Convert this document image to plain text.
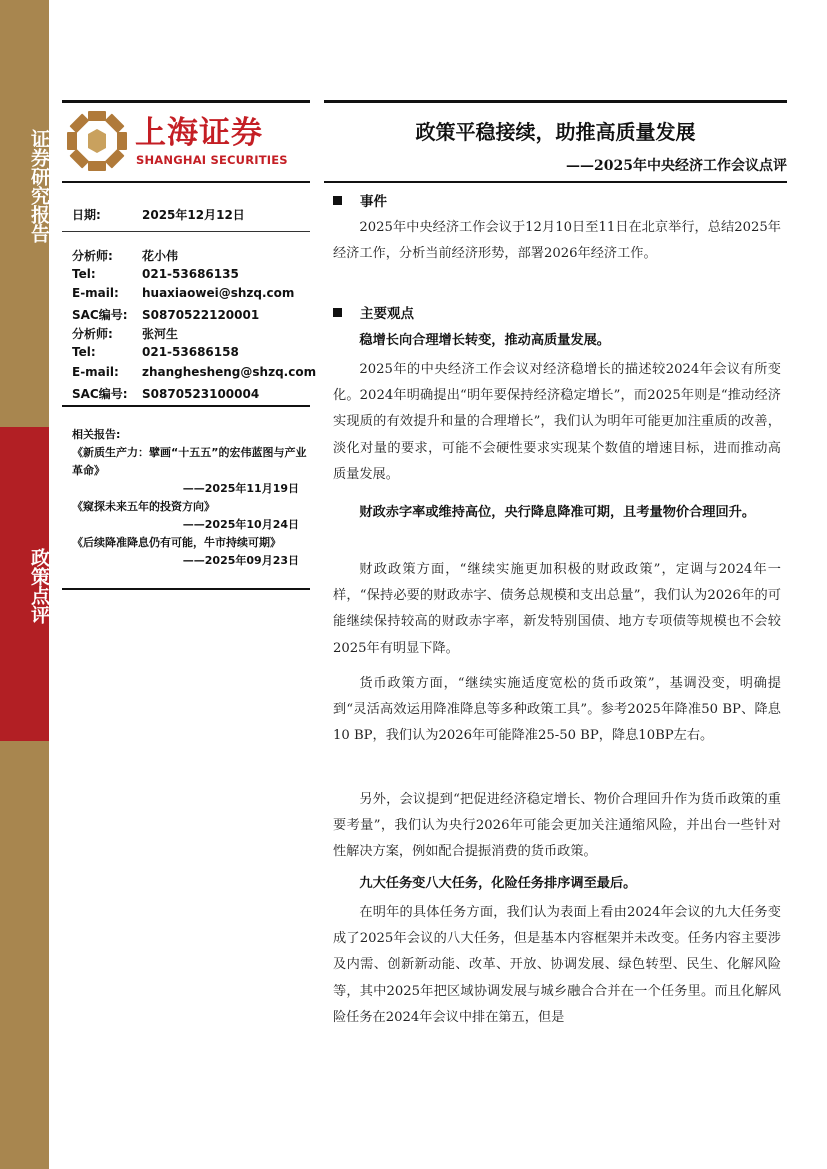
证券研究报告
政策点评
上海证券
SHANGHAI SECURITIES
政策平稳接续，助推高质量发展
——2025年中央经济工作会议点评
日期:	2025年12月12日
分析师: 花小伟
Tel:	021-53686135
E-mail: huaxiaowei@shzq.com
SAC编号: S0870522120001
分析师: 张河生
Tel:	021-53686158
E-mail: zhanghesheng@shzq.com
SAC编号: S0870523100004
相关报告:
《新质生产力：擘画“十五五”的宏伟蓝图与产业革命》
——2025年11月19日
《窥探未来五年的投资方向》
——2025年10月24日
《后续降准降息仍有可能，牛市持续可期》
——2025年09月23日
事件

2025年中央经济工作会议于12月10日至11日在北京举行，总结2025年经济工作，分析当前经济形势，部署2026年经济工作。

主要观点

稳增长向合理增长转变，推动高质量发展。

2025年的中央经济工作会议对经济稳增长的描述较2024年会议有所变化。2024年明确提出“明年要保持经济稳定增长”，而2025年则是“推动经济实现质的有效提升和量的合理增长”，我们认为明年可能更加注重质的改善，淡化对量的要求，可能不会硬性要求实现某个数值的增速目标，进而推动高质量发展。

财政赤字率或维持高位，央行降息降准可期，且考量物价合理回升。

财政政策方面，“继续实施更加积极的财政政策”，定调与2024年一样，“保持必要的财政赤字、债务总规模和支出总量”，我们认为2026年的可能继续保持较高的财政赤字率，新发特别国债、地方专项债等规模也不会较2025年有明显下降。

货币政策方面，“继续实施适度宽松的货币政策”，基调没变，明确提到“灵活高效运用降准降息等多种政策工具”。参考2025年降准50 BP、降息10 BP，我们认为2026年可能降准25-50 BP，降息10BP左右。

另外，会议提到“把促进经济稳定增长、物价合理回升作为货币政策的重要考量”，我们认为央行2026年可能会更加关注通缩风险，并出台一些针对性解决方案，例如配合提振消费的货币政策。

九大任务变八大任务，化险任务排序调至最后。

在明年的具体任务方面，我们认为表面上看由2024年会议的九大任务变成了2025年会议的八大任务，但是基本内容框架并未改变。任务内容主要涉及内需、创新新动能、改革、开放、协调发展、绿色转型、民生、化解风险等，其中2025年把区域协调发展与城乡融合合并在一个任务里。而且化解风险任务在2024年会议中排在第五，但是
